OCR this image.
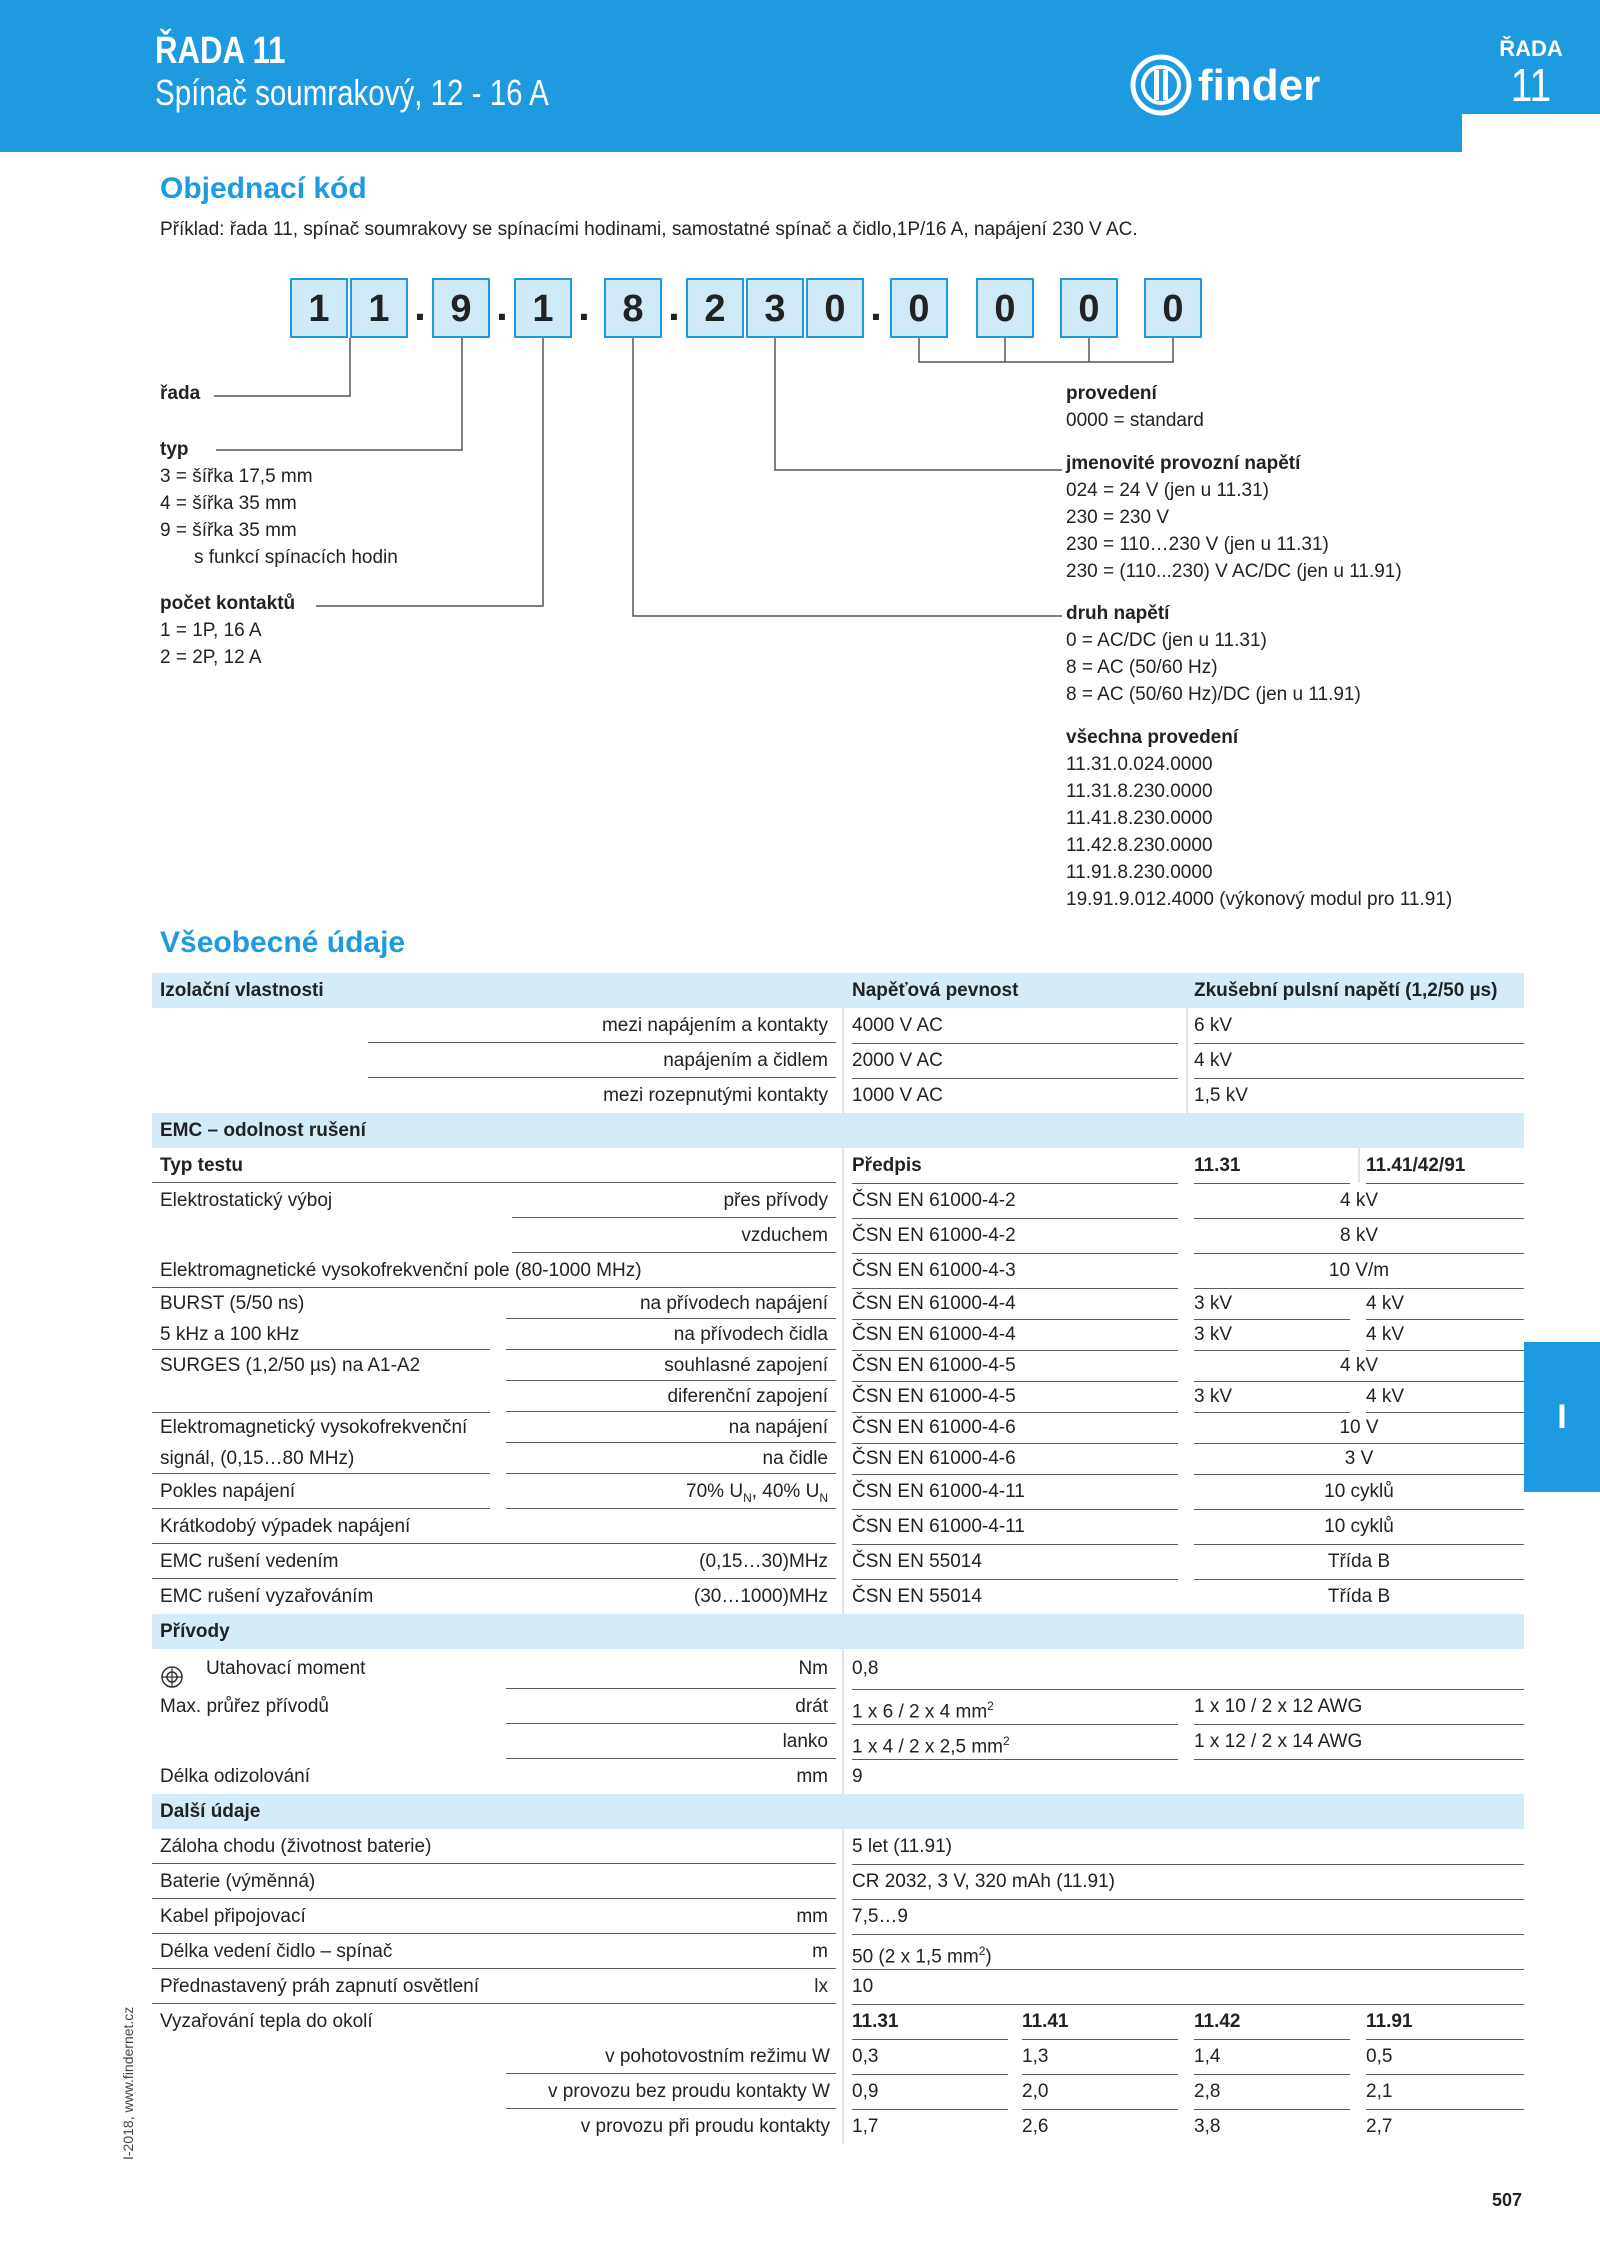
ŘADA 11
Spínač soumrakový, 12 - 16 A	finder
ŘADA
11
Objednací kód
Příklad: řada 11, spínač soumrakovy se spínacími hodinami, samostatné spínač a čidlo,1P/16 A, napájení 230 V AC.
1	1 . 9 . 1 . 8 . 2	3	0 . 0	0	0	0
řada
typ
3 = šířka 17,5 mm
4 = šířka 35 mm
9 = šířka 35 mm
s funkcí spínacích hodin
počet kontaktů
1 = 1P, 16 A
2 = 2P, 12 A
provedení
0000 = standard
jmenovité provozní napětí
024 = 24 V (jen u 11.31)
230 = 230 V
230 = 110…230 V (jen u 11.31)
230 = (110...230) V AC/DC (jen u 11.91)
druh napětí
0 = AC/DC (jen u 11.31)
8 = AC (50/60 Hz)
8 = AC (50/60 Hz)/DC (jen u 11.91)
všechna provedení
11.31.0.024.0000
11.31.8.230.0000
11.41.8.230.0000
11.42.8.230.0000
11.91.8.230.0000
19.91.9.012.4000 (výkonový modul pro 11.91)
Všeobecné údaje
Izolační vlastnosti	Napěťová pevnost	Zkušební pulsní napětí (1,2/50 µs)
mezi napájením a kontakty	4000 V AC	6 kV
napájením a čidlem	2000 V AC	4 kV
mezi rozepnutými kontakty	1000 V AC	1,5 kV
EMC – odolnost rušení
Typ testu	Předpis	11.31	11.41/42/91
Elektrostatický výboj	přes přívody	ČSN EN 61000-4-2	4 kV
vzduchem	ČSN EN 61000-4-2	8 kV
Elektromagnetické vysokofrekvenční pole (80-1000 MHz)	ČSN EN 61000-4-3	10 V/m
BURST (5/50 ns)	na přívodech napájení	ČSN EN 61000-4-4	3 kV	4 kV
5 kHz a 100 kHz	na přívodech čidla	ČSN EN 61000-4-4	3 kV	4 kV
SURGES (1,2/50 µs) na A1-A2	souhlasné zapojení	ČSN EN 61000-4-5	4 kV
diferenční zapojení	ČSN EN 61000-4-5	3 kV	4 kV
Elektromagnetický vysokofrekvenční	na napájení	ČSN EN 61000-4-6	10 V
signál, (0,15…80 MHz)	na čidle	ČSN EN 61000-4-6	3 V
Pokles napájení	70% $U_N$, 40% $U_N$	ČSN EN 61000-4-11	10 cyklů
Krátkodobý výpadek napájení	ČSN EN 61000-4-11	10 cyklů
EMC rušení vedením	(0,15…30)MHz	ČSN EN 55014	Třída B
EMC rušení vyzařováním	(30…1000)MHz	ČSN EN 55014	Třída B
Přívody
Utahovací moment	Nm	0,8
Max. průřez přívodů	drát	1 x 6 / 2 x 4 $mm^2$	1 x 10 / 2 x 12 AWG
lanko	1 x 4 / 2 x 2,5 $mm^2$	1 x 12 / 2 x 14 AWG
Délka odizolování	mm	9
Další údaje
Záloha chodu (životnost baterie)	5 let (11.91)
Baterie (výměnná)	CR 2032, 3 V, 320 mAh (11.91)
Kabel připojovací	mm	7,5…9
Délka vedení čidlo – spínač	m	50 (2 x 1,5 $mm^2$)
Přednastavený práh zapnutí osvětlení	lx	10
Vyzařování tepla do okolí	11.31	11.41	11.42	11.91
v pohotovostním režimu W	0,3	1,3	1,4	0,5
v provozu bez proudu kontakty W	0,9	2,0	2,8	2,1
v provozu při proudu kontakty	1,7	2,6	3,8	2,7
I
I-2018, www.findernet.cz
507
